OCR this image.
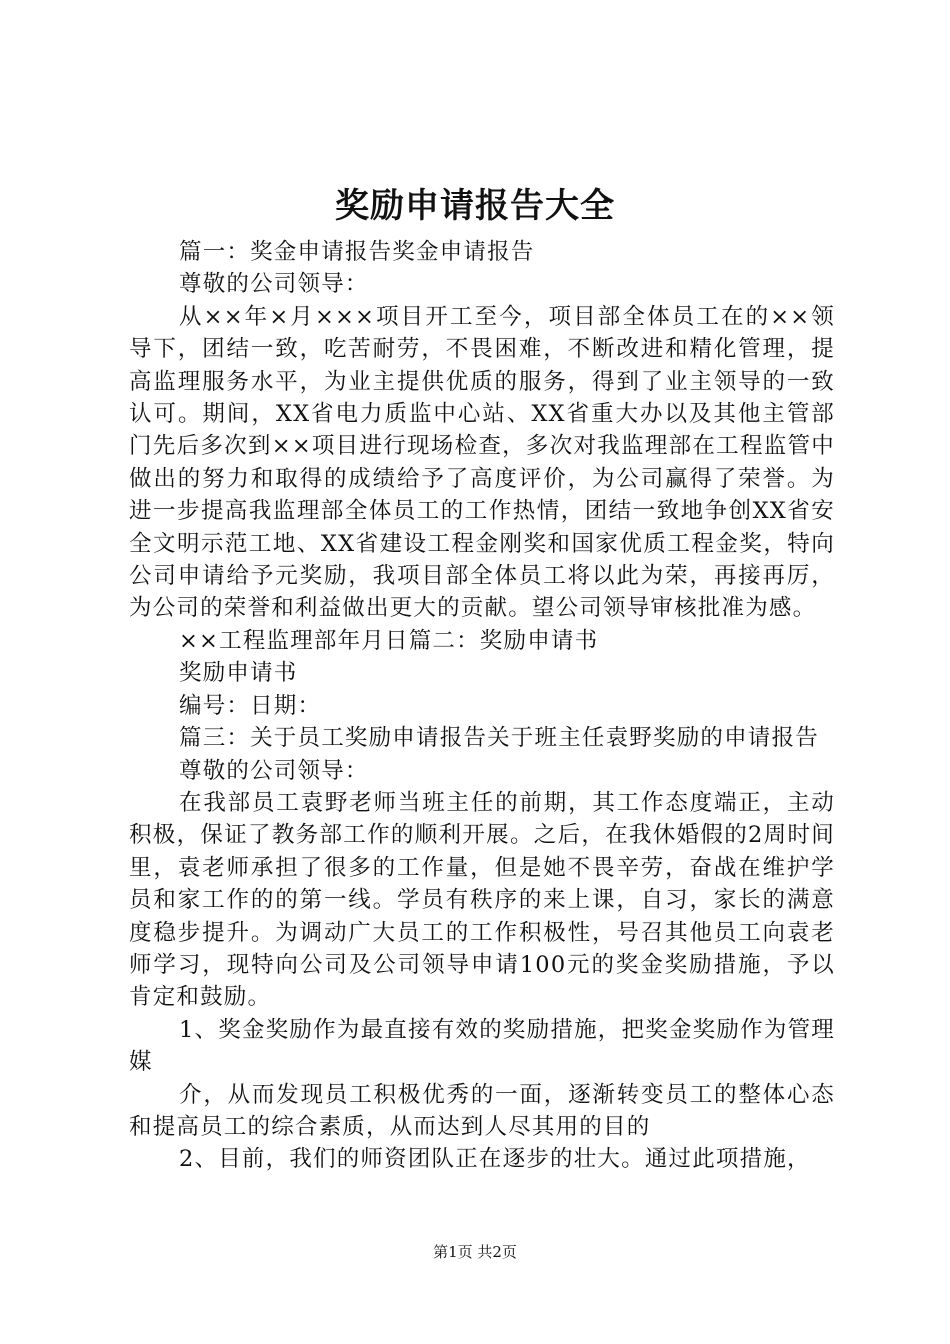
奖励申请报告大全

篇一：奖金申请报告奖金申请报告

尊敬的公司领导：

从××年×月×××项目开工至今，项目部全体员工在的××领导下，团结一致，吃苦耐劳，不畏困难，不断改进和精化管理，提高监理服务水平，为业主提供优质的服务，得到了业主领导的一致认可。期间，XX省电力质监中心站、XX省重大办以及其他主管部门先后多次到××项目进行现场检查，多次对我监理部在工程监管中做出的努力和取得的成绩给予了高度评价，为公司赢得了荣誉。为进一步提高我监理部全体员工的工作热情，团结一致地争创XX省安全文明示范工地、XX省建设工程金刚奖和国家优质工程金奖，特向公司申请给予元奖励，我项目部全体员工将以此为荣，再接再厉，为公司的荣誉和利益做出更大的贡献。望公司领导审核批准为感。

××工程监理部年月日篇二：奖励申请书

奖励申请书

编号：日期：

篇三：关于员工奖励申请报告关于班主任袁野奖励的申请报告

尊敬的公司领导：

在我部员工袁野老师当班主任的前期，其工作态度端正，主动积极，保证了教务部工作的顺利开展。之后，在我休婚假的2周时间里，袁老师承担了很多的工作量，但是她不畏辛劳，奋战在维护学员和家工作的的第一线。学员有秩序的来上课，自习，家长的满意度稳步提升。为调动广大员工的工作积极性，号召其他员工向袁老师学习，现特向公司及公司领导申请100元的奖金奖励措施，予以肯定和鼓励。

1、奖金奖励作为最直接有效的奖励措施，把奖金奖励作为管理媒

介，从而发现员工积极优秀的一面，逐渐转变员工的整体心态和提高员工的综合素质，从而达到人尽其用的目的

2、目前，我们的师资团队正在逐步的壮大。通过此项措施，

第1页 共2页
